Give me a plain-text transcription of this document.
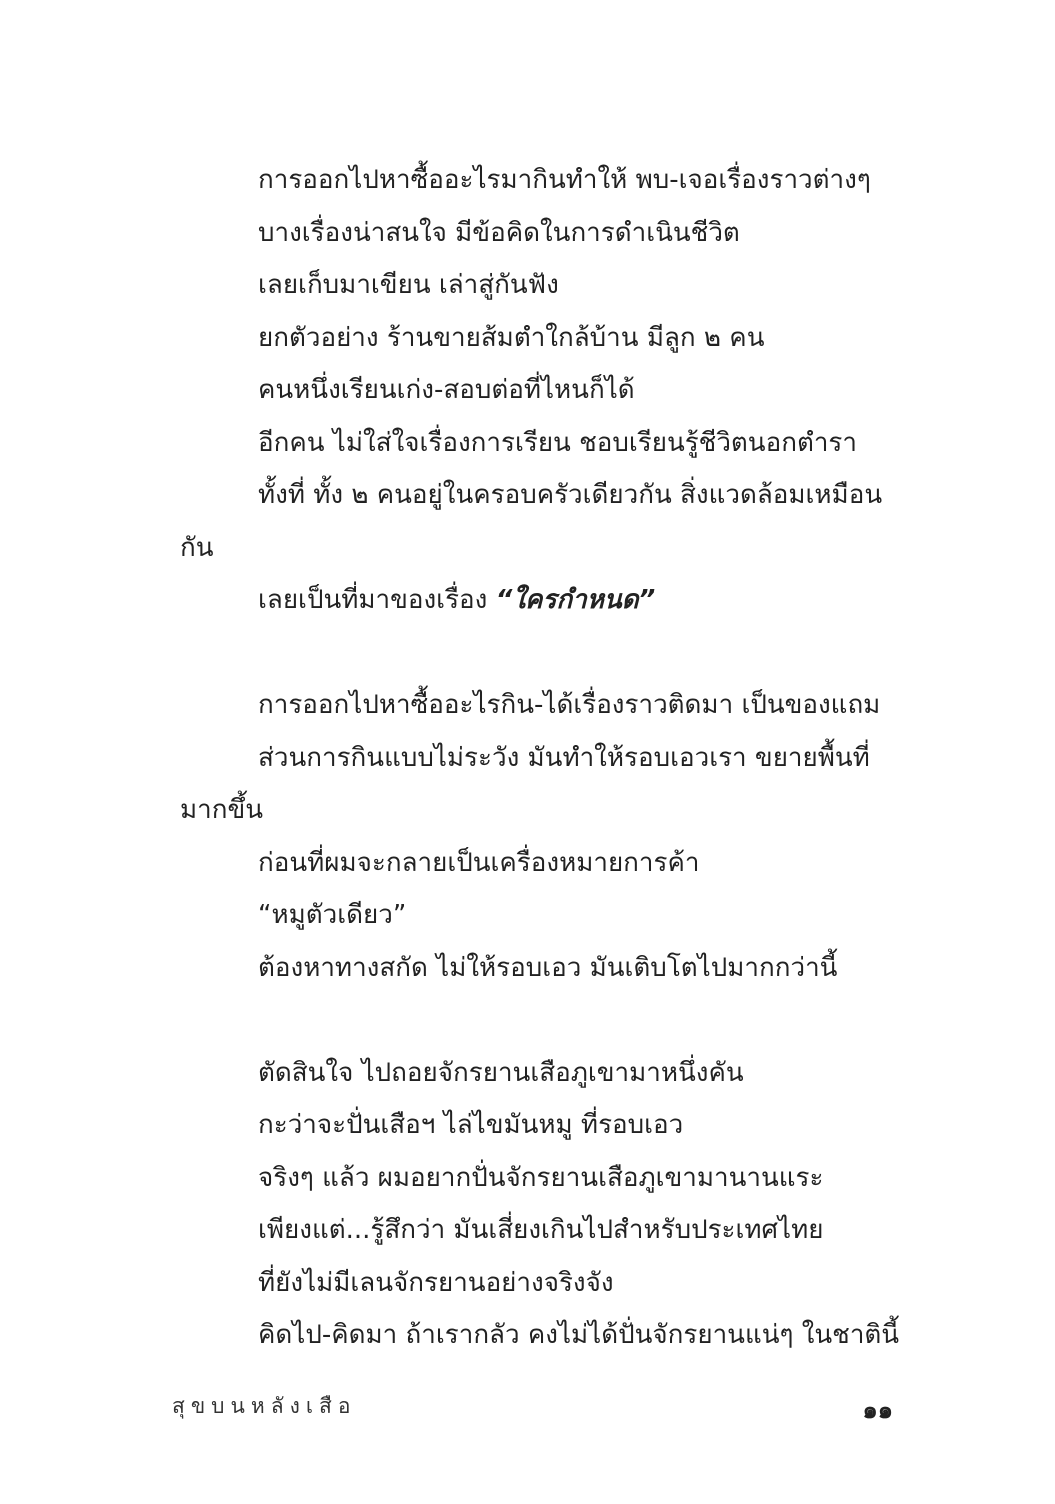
การออกไปหาซื้ออะไรมากินทำให้ พบ-เจอเรื่องราวต่างๆ
บางเรื่องน่าสนใจ มีข้อคิดในการดำเนินชีวิต
เลยเก็บมาเขียน เล่าสู่กันฟัง
ยกตัวอย่าง ร้านขายส้มตำใกล้บ้าน มีลูก ๒ คน
คนหนึ่งเรียนเก่ง-สอบต่อที่ไหนก็ได้
อีกคน ไม่ใส่ใจเรื่องการเรียน ชอบเรียนรู้ชีวิตนอกตำรา
ทั้งที่ ทั้ง ๒ คนอยู่ในครอบครัวเดียวกัน สิ่งแวดล้อมเหมือน
กัน
เลยเป็นที่มาของเรื่อง “ใครกำหนด”
การออกไปหาซื้ออะไรกิน-ได้เรื่องราวติดมา เป็นของแถม
ส่วนการกินแบบไม่ระวัง มันทำให้รอบเอวเรา ขยายพื้นที่
มากขึ้น
ก่อนที่ผมจะกลายเป็นเครื่องหมายการค้า
“หมูตัวเดียว”
ต้องหาทางสกัด ไม่ให้รอบเอว มันเติบโตไปมากกว่านี้
ตัดสินใจ ไปถอยจักรยานเสือภูเขามาหนึ่งคัน
กะว่าจะปั่นเสือฯ ไล่ไขมันหมู ที่รอบเอว
จริงๆ แล้ว ผมอยากปั่นจักรยานเสือภูเขามานานแระ
เพียงแต่...รู้สึกว่า มันเสี่ยงเกินไปสำหรับประเทศไทย
ที่ยังไม่มีเลนจักรยานอย่างจริงจัง
คิดไป-คิดมา ถ้าเรากลัว คงไม่ได้ปั่นจักรยานแน่ๆ ในชาตินี้
สุขบนหลังเสือ	๑๑
